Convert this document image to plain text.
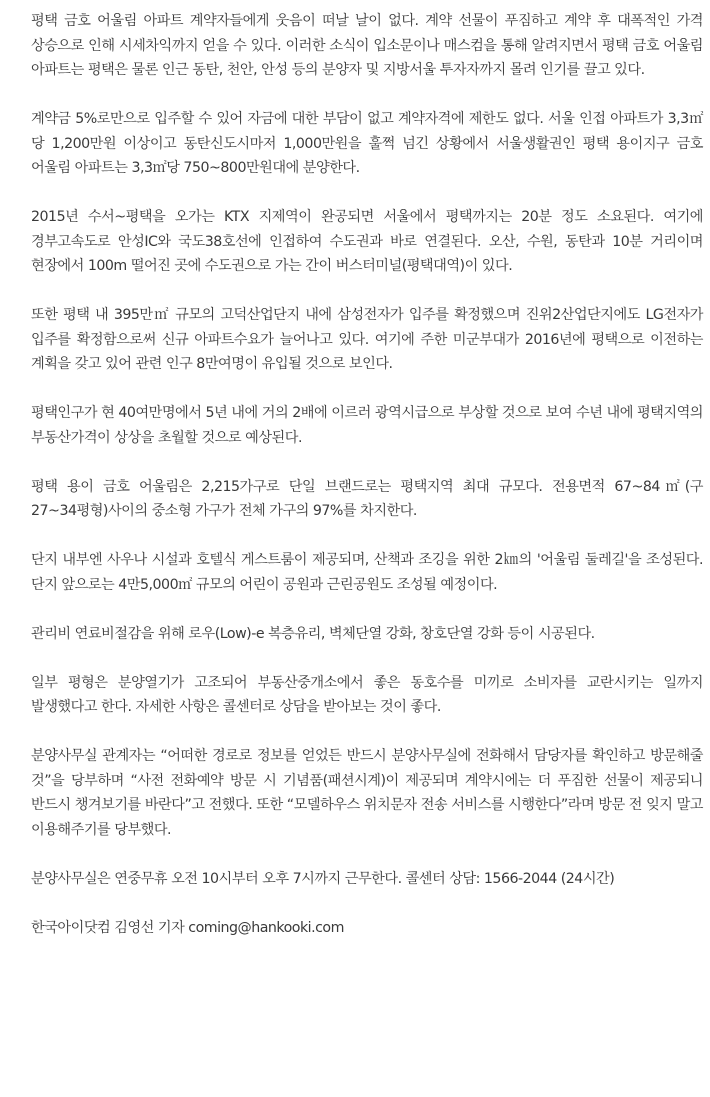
평택 금호 어울림 아파트 계약자들에게 웃음이 떠날 날이 없다. 계약 선물이 푸짐하고 계약 후 대폭적인 가격 상승으로 인해 시세차익까지 얻을 수 있다. 이러한 소식이 입소문이나 매스컴을 통해 알려지면서 평택 금호 어울림 아파트는 평택은 물론 인근 동탄, 천안, 안성 등의 분양자 및 지방서울 투자자까지 몰려 인기를 끌고 있다.

계약금 5%로만으로 입주할 수 있어 자금에 대한 부담이 없고 계약자격에 제한도 없다. 서울 인접 아파트가 3,3㎡당 1,200만원 이상이고 동탄신도시마저 1,000만원을 훌쩍 넘긴 상황에서 서울생활권인 평택 용이지구 금호 어울림 아파트는 3,3㎡당 750~800만원대에 분양한다.

2015년 수서~평택을 오가는 KTX 지제역이 완공되면 서울에서 평택까지는 20분 정도 소요된다. 여기에 경부고속도로 안성IC와 국도38호선에 인접하여 수도권과 바로 연결된다. 오산, 수원, 동탄과 10분 거리이며 현장에서 100m 떨어진 곳에 수도권으로 가는 간이 버스터미널(평택대역)이 있다.

또한 평택 내 395만㎡ 규모의 고덕산업단지 내에 삼성전자가 입주를 확정했으며 진위2산업단지에도 LG전자가 입주를 확정함으로써 신규 아파트수요가 늘어나고 있다. 여기에 주한 미군부대가 2016년에 평택으로 이전하는 계획을 갖고 있어 관련 인구 8만여명이 유입될 것으로 보인다.

평택인구가 현 40여만명에서 5년 내에 거의 2배에 이르러 광역시급으로 부상할 것으로 보여 수년 내에 평택지역의 부동산가격이 상상을 초월할 것으로 예상된다.

평택 용이 금호 어울림은 2,215가구로 단일 브랜드로는 평택지역 최대 규모다. 전용면적 67~84㎡(구 27~34평형)사이의 중소형 가구가 전체 가구의 97%를 차지한다.

단지 내부엔 사우나 시설과 호텔식 게스트룸이 제공되며, 산책과 조깅을 위한 2㎞의 '어울림 둘레길'을 조성된다. 단지 앞으로는 4만5,000㎡ 규모의 어린이 공원과 근린공원도 조성될 예정이다.

관리비 연료비절감을 위해 로우(Low)-e 복층유리, 벽체단열 강화, 창호단열 강화 등이 시공된다.

일부 평형은 분양열기가 고조되어 부동산중개소에서 좋은 동호수를 미끼로 소비자를 교란시키는 일까지 발생했다고 한다. 자세한 사항은 콜센터로 상담을 받아보는 것이 좋다.

분양사무실 관계자는 “어떠한 경로로 정보를 얻었든 반드시 분양사무실에 전화해서 담당자를 확인하고 방문해줄 것”을 당부하며 “사전 전화예약 방문 시 기념품(패션시계)이 제공되며 계약시에는 더 푸짐한 선물이 제공되니 반드시 챙겨보기를 바란다”고 전했다. 또한 “모델하우스 위치문자 전송 서비스를 시행한다”라며 방문 전 잊지 말고 이용해주기를 당부했다.

분양사무실은 연중무휴 오전 10시부터 오후 7시까지 근무한다. 콜센터 상담: 1566-2044 (24시간)

한국아이닷컴 김영선 기자 coming@hankooki.com
